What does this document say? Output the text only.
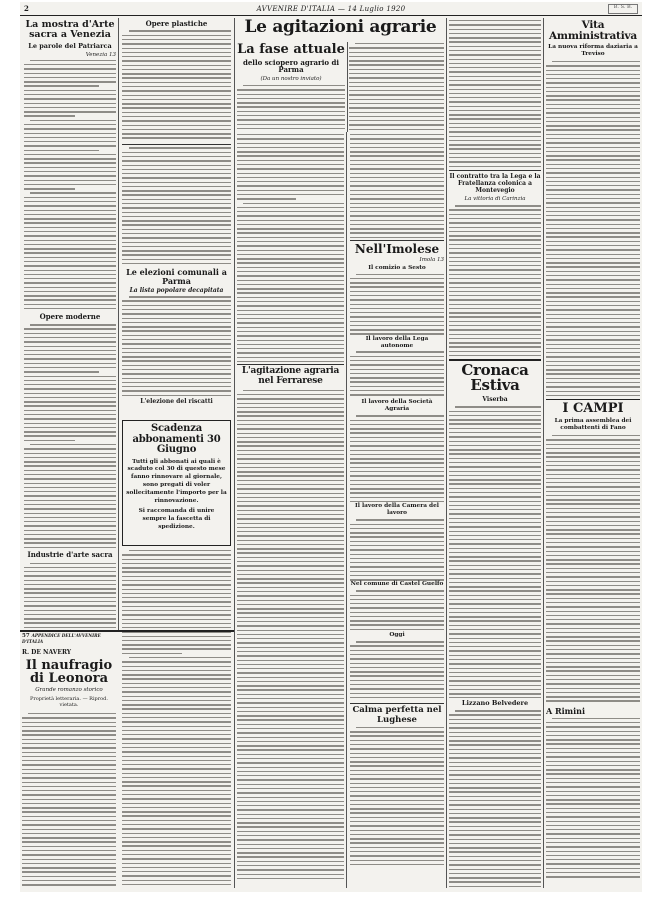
2	AVVENIRE D'ITALIA — 14 Luglio 1920
La mostra d'Arte sacra a Venezia
Le parole del Patriarca
Venezia 13
Opere moderne
Industrie d'arte sacra
Opere plastiche
Le elezioni comunali a Parma
La lista popolare decapitata
L'elezione del riscatti
Scadenza abbonamenti 30 Giugno
Tutti gli abbonati ai quali è scaduto col 30 di questo mese fanno rinnovare al giornale, sono pregati di voler sollecitamente l'importo per la rinnovazione.
Si raccomanda di unire sempre la fascetta di spedizione.
57 APPENDICE DELL'AVVENIRE D'ITALIA
R. DE NAVERY
Il naufragio di Leonora
Grande romanzo storico
Proprietà letteraria. — Riprod. vietata.
Le agitazioni agrarie
La fase attuale
dello sciopero agrario di Parma
(Da un nostro inviato)
L'agitazione agraria nel Ferrarese
Nell'Imolese
Imola 13
Il comizio a Sesto
Il lavoro della Lega autonome
Il lavoro della Società Agraria
Il lavoro della Camera del lavoro
Nel comune di Castel Guelfo
Oggi
Calma perfetta nel Lughese
Il contratto tra la Lega e la Fratellanza colonica a Montevegio
La vittoria di Carinzia
Cronaca Estiva
Viserba
Lizzano Belvedere
Vita Amministrativa
La nuova riforma daziaria a Treviso
I CAMPI
La prima assemblea dei combattenti di Fano
A Rimini
B. S. B.
